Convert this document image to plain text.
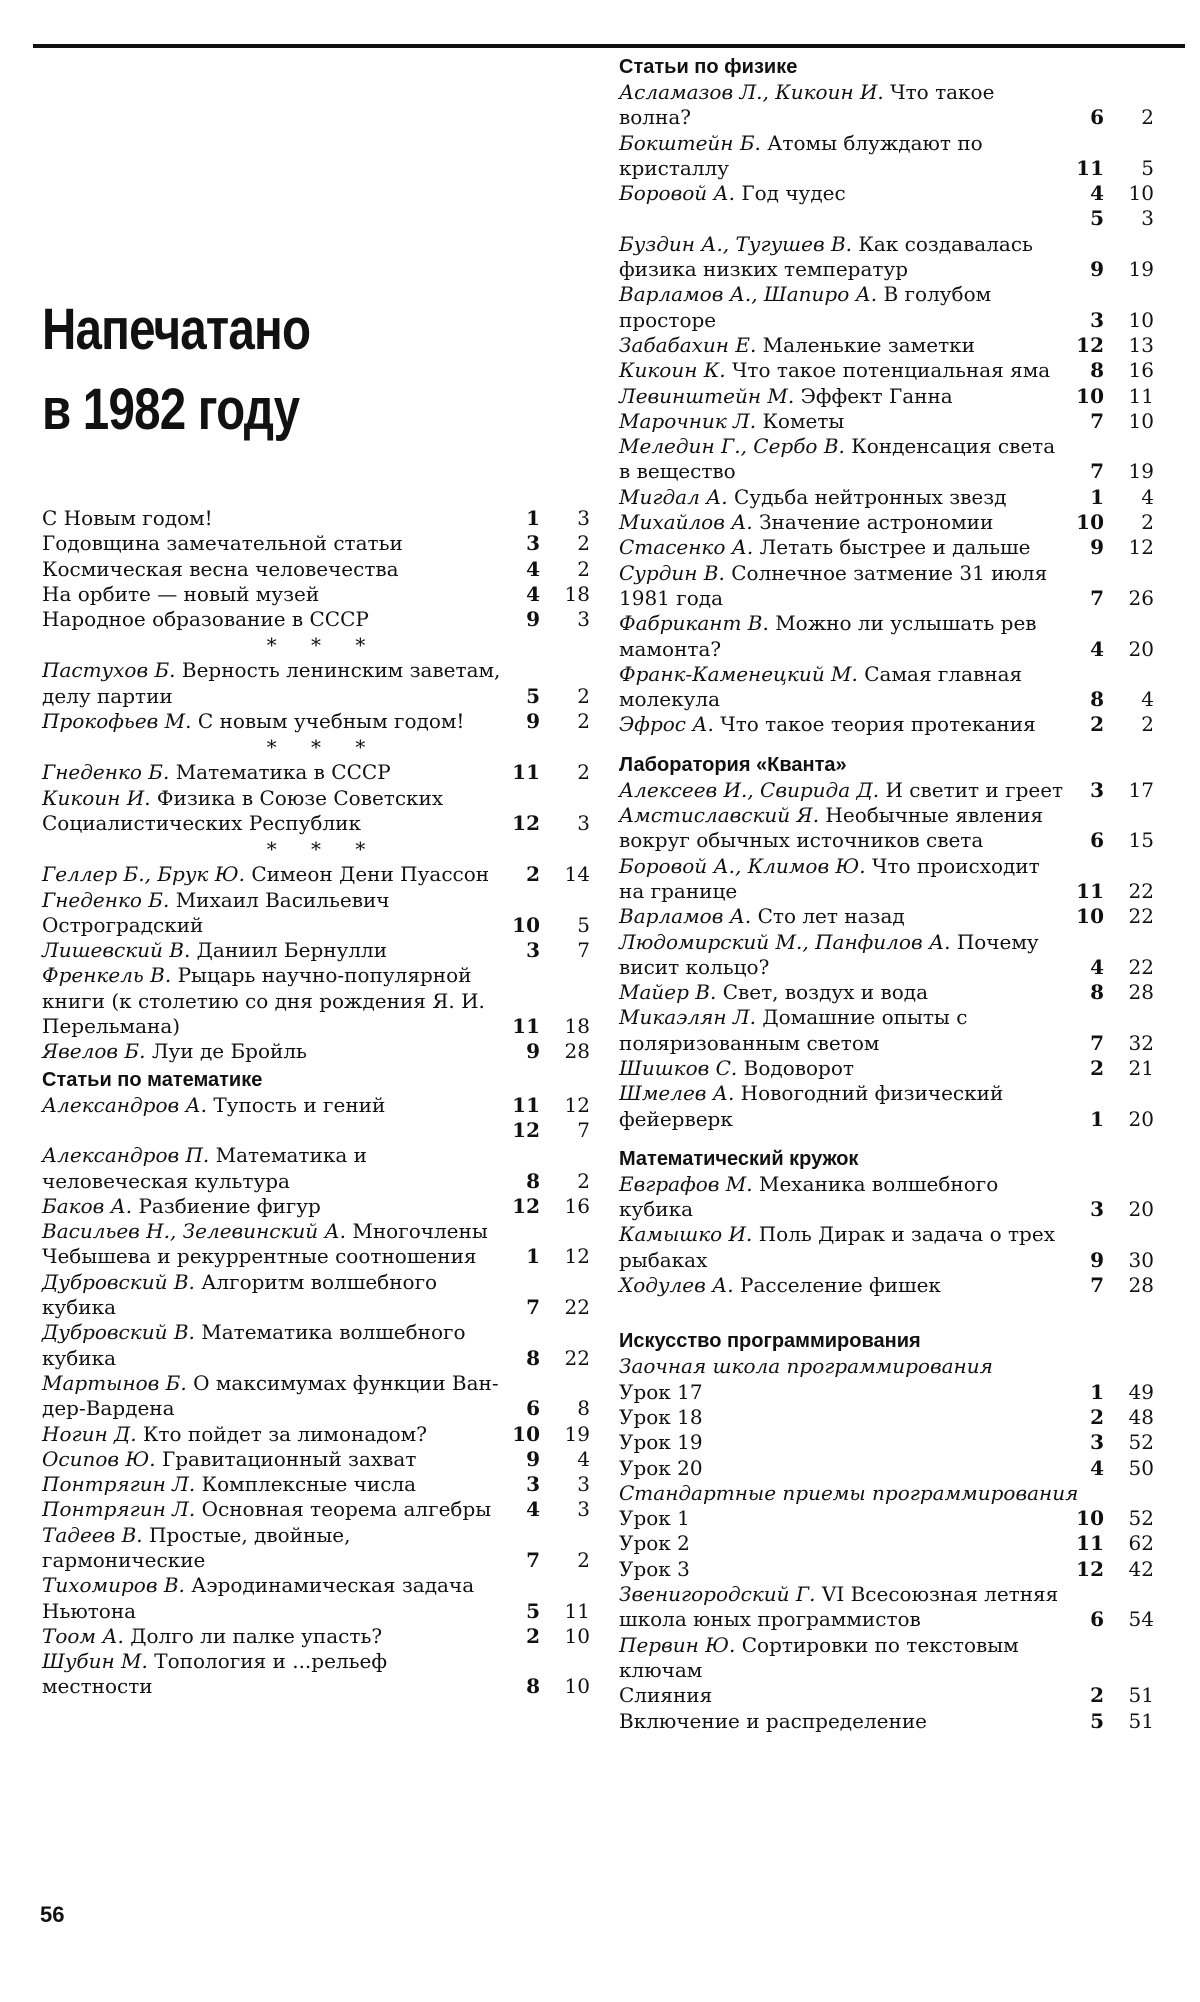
Напечатано
в 1982 году
С Новым годом!	1	3
Годовщина замечательной статьи	3	2
Космическая весна человечества	4	2
На орбите — новый музей	4	18
Народное образование в СССР	9	3
* * *
Пастухов Б. Верность ленинским заветам, делу партии	5	2
Прокофьев М. С новым учебным годом!	9	2
* * *
Гнеденко Б. Математика в СССР	11	2
Кикоин И. Физика в Союзе Советских Социалистических Республик	12	3
* * *
Геллер Б., Брук Ю. Симеон Дени Пуассон	2	14
Гнеденко Б. Михаил Васильевич Остроградский	10	5
Лишевский В. Даниил Бернулли	3	7
Френкель В. Рыцарь научно-популярной книги (к столетию со дня рождения Я. И. Перельмана)	11	18
Явелов Б. Луи де Бройль	9	28
Статьи по математике
Александров А. Тупость и гений	11	12
12	7
Александров П. Математика и человеческая культура	8	2
Баков А. Разбиение фигур	12	16
Васильев Н., Зелевинский А. Многочлены Чебышева и рекуррентные соотношения	1	12
Дубровский В. Алгоритм волшебного кубика	7	22
Дубровский В. Математика волшебного кубика	8	22
Мартынов Б. О максимумах функции Ван-дер-Вардена	6	8
Ногин Д. Кто пойдет за лимонадом?	10	19
Осипов Ю. Гравитационный захват	9	4
Понтрягин Л. Комплексные числа	3	3
Понтрягин Л. Основная теорема алгебры	4	3
Тадеев В. Простые, двойные, гармонические	7	2
Тихомиров В. Аэродинамическая задача Ньютона	5	11
Тоом А. Долго ли палке упасть?	2	10
Шубин М. Топология и ...рельеф местности	8	10
Статьи по физике
Асламазов Л., Кикоин И. Что такое волна?	6	2
Бокштейн Б. Атомы блуждают по кристаллу	11	5
Боровой А. Год чудес	4	10
5	3
Буздин А., Тугушев В. Как создавалась физика низких температур	9	19
Варламов А., Шапиро А. В голубом просторе	3	10
Забабахин Е. Маленькие заметки	12	13
Кикоин К. Что такое потенциальная яма	8	16
Левинштейн М. Эффект Ганна	10	11
Марочник Л. Кометы	7	10
Меледин Г., Сербо В. Конденсация света в вещество	7	19
Мигдал А. Судьба нейтронных звезд	1	4
Михайлов А. Значение астрономии	10	2
Стасенко А. Летать быстрее и дальше	9	12
Сурдин В. Солнечное затмение 31 июля 1981 года	7	26
Фабрикант В. Можно ли услышать рев мамонта?	4	20
Франк-Каменецкий М. Самая главная молекула	8	4
Эфрос А. Что такое теория протекания	2	2
Лаборатория «Кванта»
Алексеев И., Свирида Д. И светит и греет	3	17
Амстиславский Я. Необычные явления вокруг обычных источников света	6	15
Боровой А., Климов Ю. Что происходит на границе	11	22
Варламов А. Сто лет назад	10	22
Людомирский М., Панфилов А. Почему висит кольцо?	4	22
Майер В. Свет, воздух и вода	8	28
Микаэлян Л. Домашние опыты с поляризованным светом	7	32
Шишков С. Водоворот	2	21
Шмелев А. Новогодний физический фейерверк	1	20
Математический кружок
Евграфов М. Механика волшебного кубика	3	20
Камышко И. Поль Дирак и задача о трех рыбаках	9	30
Ходулев А. Расселение фишек	7	28
Искусство программирования
Заочная школа программирования
Урок 17	1	49
Урок 18	2	48
Урок 19	3	52
Урок 20	4	50
Стандартные приемы программирования
Урок 1	10	52
Урок 2	11	62
Урок 3	12	42
Звенигородский Г. VI Всесоюзная летняя школа юных программистов	6	54
Первин Ю. Сортировки по текстовым ключам
Слияния	2	51
Включение и распределение	5	51
56
